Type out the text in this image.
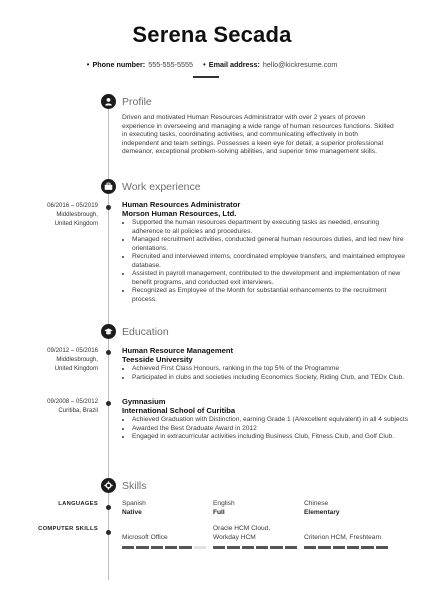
Serena Secada
• Phone number: 555-555-5555 • Email address: hello@kickresume.com
Profile
Driven and motivated Human Resources Administrator with over 2 years of proven experience in overseeing and managing a wide range of human resources functions. Skilled in executing tasks, coordinating activities, and communicating effectively in both independent and team settings. Possesses a keen eye for detail, a superior professional demeanor, exceptional problem-solving abilities, and superior time management skills.
Work experience
06/2016 – 05/2019
Middlesbrough,
United Kingdom
Human Resources Administrator
Morson Human Resources, Ltd.
• Supported the human resources department by executing tasks as needed, ensuring adherence to all policies and procedures.
• Managed recruitment activities, conducted general human resources duties, and led new hire orientations.
• Recruited and interviewed interns, coordinated employee transfers, and maintained employee database.
• Assisted in payroll management, contributed to the development and implementation of new benefit programs, and conducted exit interviews.
• Recognized as Employee of the Month for substantial enhancements to the recruitment process.
Education
09/2012 – 05/2016
Middlesbrough,
United Kingdom
Human Resource Management
Teesside University
• Achieved First Class Honours, ranking in the top 5% of the Programme
• Participated in clubs and societies including Economics Society, Riding Club, and TEDx Club.
09/2008 – 05/2012
Curitiba, Brazil
Gymnasium
International School of Curitiba
• Achieved Graduation with Distinction, earning Grade 1 (A/excellent equivalent) in all 4 subjects
• Awarded the Best Graduate Award in 2012
• Engaged in extracurricular activities including Business Club, Fitness Club, and Golf Club.
Skills
LANGUAGES	Spanish
Native
English
Full
Chinese
Elementary
COMPUTER SKILLS
Microsoft Office
Oracle HCM Cloud, Workday HCM	Criterion HCM, Freshteam
